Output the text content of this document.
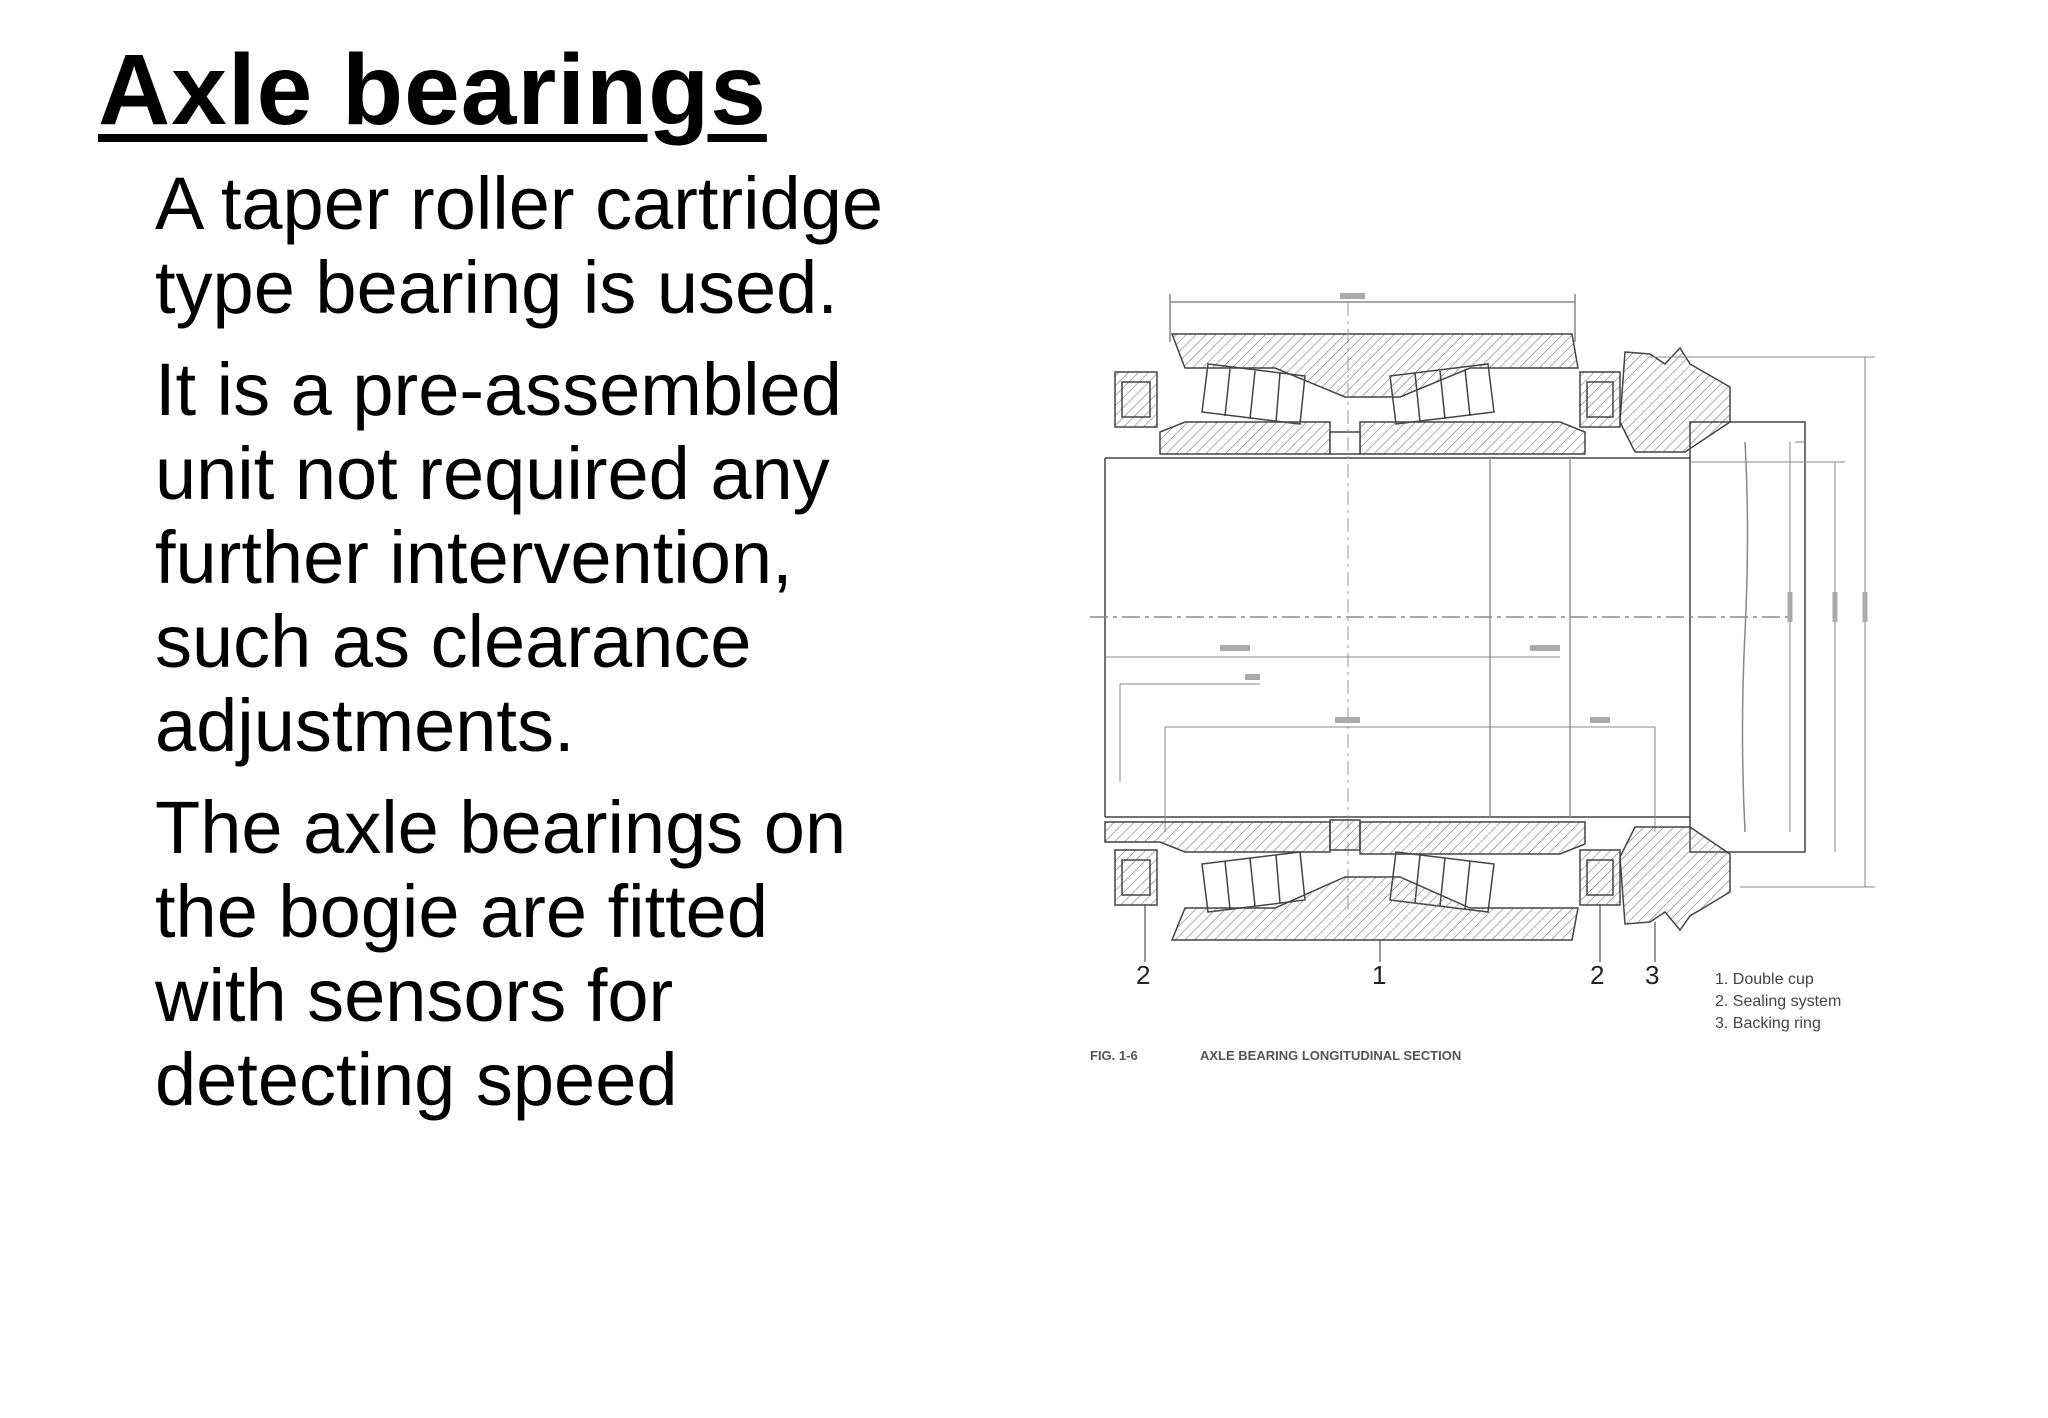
Axle bearings

A taper roller cartridge
type bearing is used.

It is a pre-assembled
unit not required any
further intervention,
such as clearance
adjustments.

The axle bearings on
the bogie are fitted
with sensors for
detecting speed

2	1	2 3	1. Double cup
2. Sealing system
3. Backing ring
FIG. 1-6	AXLE BEARING LONGITUDINAL SECTION
